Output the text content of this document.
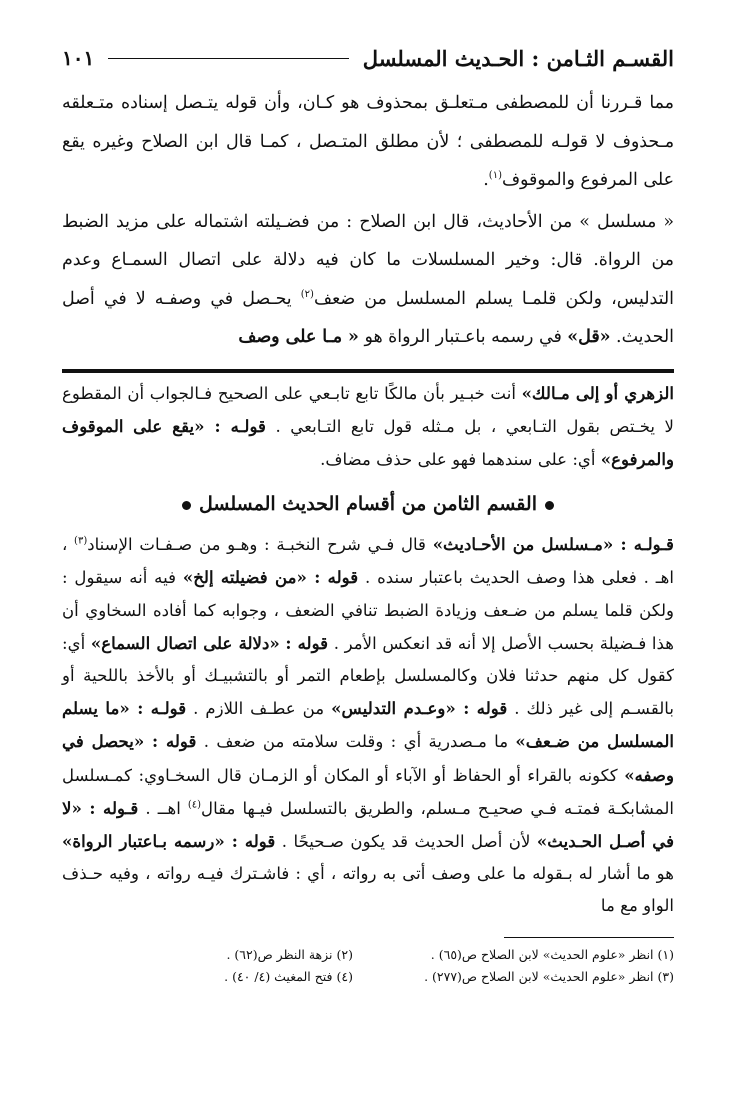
القسـم الثـامن : الحـديث المسلسل
١٠١

مما قـررنا أن للمصطفى مـتعلـق بمحذوف هو كـان، وأن قوله يتـصل إسناده متـعلقه مـحذوف لا قولـه للمصطفى ؛ لأن مطلق المتـصل ، كمـا قال ابن الصلاح وغيره يقع على المرفوع والموقوف$^{(١)}$.

« مسلسل » من الأحاديث، قال ابن الصلاح : من فضـيلته اشتماله على مزيد الضبط من الرواة. قال: وخير المسلسلات ما كان فيه دلالة على اتصال السمـاع وعدم التدليس، ولكن قلمـا يسلم المسلسل من ضعف$^{(٢)}$ يحـصل في وصفـه لا في أصل الحديث. «قل» في رسمه باعـتبار الرواة هو « مـا على وصف

الزهري أو إلى مـالك» أنت خبـير بأن مالكًا تابع تابـعي على الصحيح فـالجواب أن المقطوع لا يخـتص بقول التـابعي ، بل مـثله قول تابع التـابعي . قولـه : «يقع على الموقوف والمرفوع» أي: على سندهما فهو على حذف مضاف.

القسم الثامن من أقسام الحديث المسلسل

قـولـه : «مـسلسل من الأحـاديث» قال فـي شرح النخبـة : وهـو من صـفـات الإسناد$^{(٣)}$ ، اهـ . فعلى هذا وصف الحديث باعتبار سنده . قوله : «من فضيلته إلخ» فيه أنه سيقول : ولكن قلما يسلم من ضـعف وزيادة الضبط تنافي الضعف ، وجوابه كما أفاده السخاوي أن هذا فـضيلة بحسب الأصل إلا أنه قد انعكس الأمر . قوله : «دلالة على اتصال السماع» أي: كقول كل منهم حدثنا فلان وكالمسلسل بإطعام التمر أو بالتشبيـك أو بالأخذ باللحية أو بالقسـم إلى غير ذلك . قوله : «وعـدم التدليس» من عطـف اللازم . قولـه : «ما يسلم المسلسل من ضـعف» ما مـصدرية أي : وقلت سلامته من ضعف . قوله : «يحصل في وصفه» ككونه بالقراء أو الحفاظ أو الآباء أو المكان أو الزمـان قال السخـاوي: كمـسلسل المشابكـة فمتـه فـي صحيـح مـسلم، والطريق بالتسلسل فيـها مقال$^{(٤)}$ اهــ . قـوله : «لا في أصـل الحـديث» لأن أصل الحديث قد يكون صـحيحًا . قوله : «رسمه بـاعتبار الرواة» هو ما أشار له بـقوله ما على وصف أتى به رواته ، أي : فاشـترك فيـه رواته ، وفيه حـذف الواو مع ما

(١) انظر «علوم الحديث» لابن الصلاح ص(٦٥) .
(٢) نزهة النظر ص(٦٢) .
(٣) انظر «علوم الحديث» لابن الصلاح ص(٢٧٧) .
(٤) فتح المغيث (٤/ ٤٠) .
